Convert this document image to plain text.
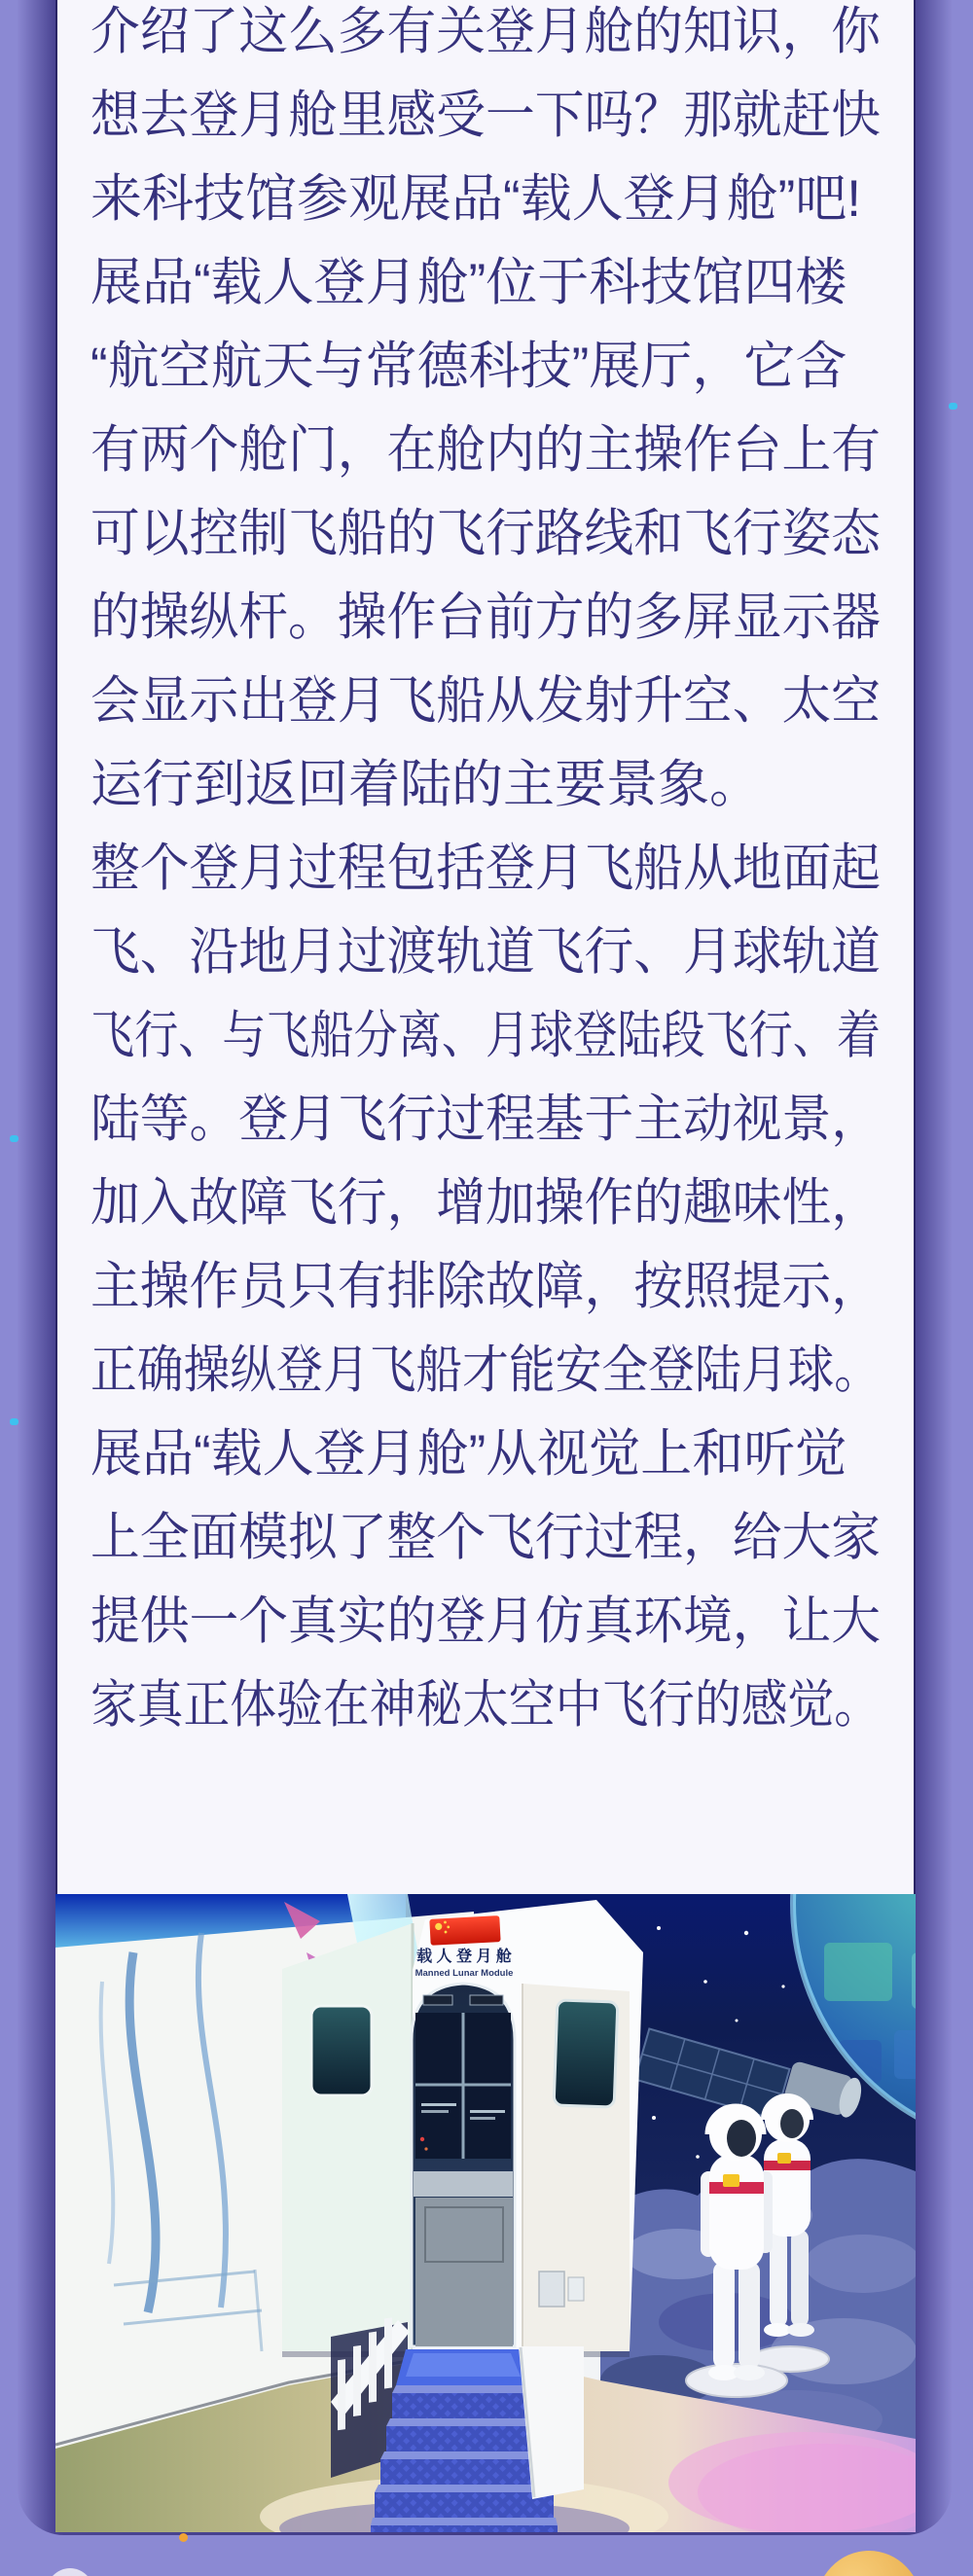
介绍了这么多有关登月舱的知识，你
想去登月舱里感受一下吗？那就赶快
来科技馆参观展品“载人登月舱”吧!
展品“载人登月舱”位于科技馆四楼
“航空航天与常德科技”展厅，它含
有两个舱门，在舱内的主操作台上有
可以控制飞船的飞行路线和飞行姿态
的操纵杆。操作台前方的多屏显示器
会显示出登月飞船从发射升空、太空
运行到返回着陆的主要景象。
整个登月过程包括登月飞船从地面起
飞、沿地月过渡轨道飞行、月球轨道
飞行、与飞船分离、月球登陆段飞行、着
陆等。登月飞行过程基于主动视景，
加入故障飞行，增加操作的趣味性，
主操作员只有排除故障，按照提示，
正确操纵登月飞船才能安全登陆月球。
展品“载人登月舱”从视觉上和听觉
上全面模拟了整个飞行过程，给大家
提供一个真实的登月仿真环境，让大
家真正体验在神秘太空中飞行的感觉。
载 人 登 月 舱
Manned Lunar Module
